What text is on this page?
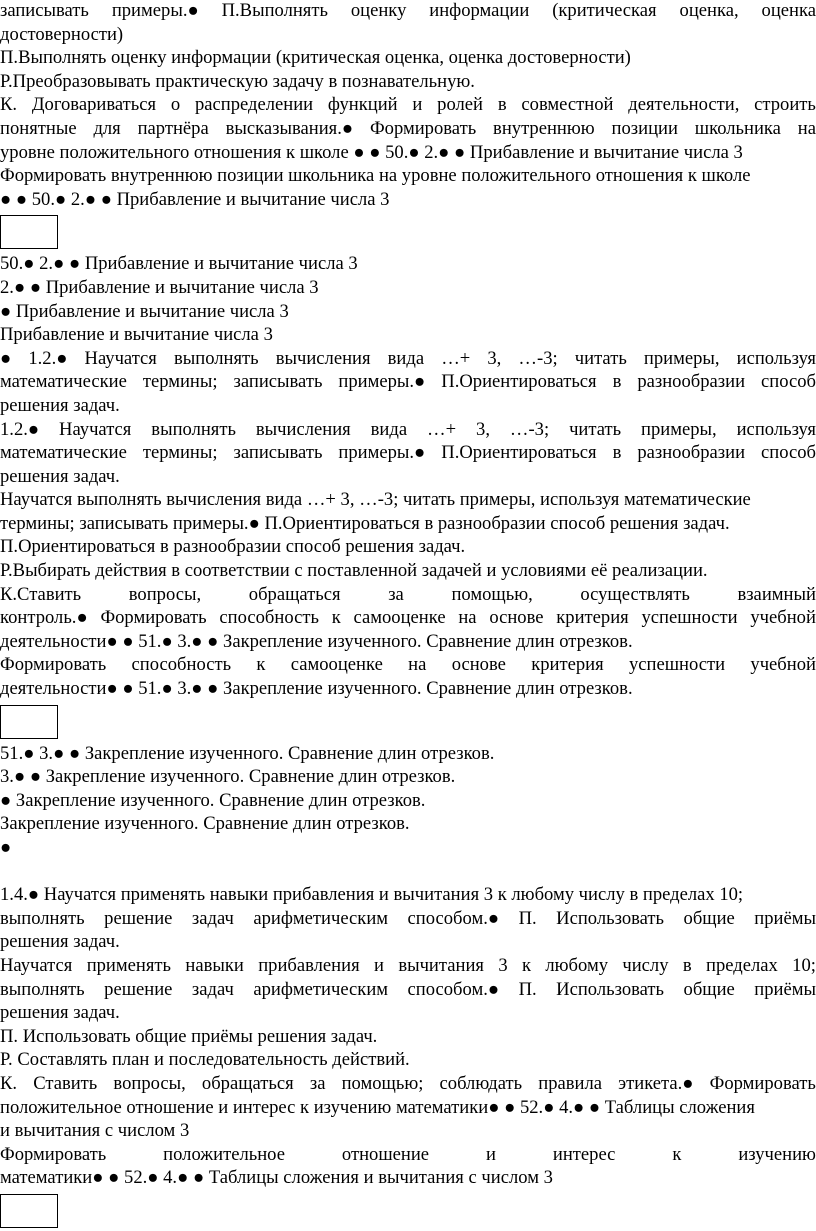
записывать примеры.● П.Выполнять оценку информации (критическая оценка, оценка
достоверности)
П.Выполнять оценку информации (критическая оценка, оценка достоверности)
Р.Преобразовывать практическую задачу в познавательную.
К. Договариваться о распределении функций и ролей в совместной деятельности, строить
понятные для партнёра высказывания.● Формировать внутреннюю позиции школьника на
уровне положительного отношения к школе ● ● 50.● 2.● ● Прибавление и вычитание числа 3
Формировать внутреннюю позиции школьника на уровне положительного отношения к школе
● ● 50.● 2.● ● Прибавление и вычитание числа 3
50.● 2.● ● Прибавление и вычитание числа 3
2.● ● Прибавление и вычитание числа 3
● Прибавление и вычитание числа 3
Прибавление и вычитание числа 3
● 1.2.● Научатся выполнять вычисления вида …+ 3, …-3; читать примеры, используя
математические термины; записывать примеры.● П.Ориентироваться в разнообразии способ
решения задач.
1.2.● Научатся выполнять вычисления вида …+ 3, …-3; читать примеры, используя
математические термины; записывать примеры.● П.Ориентироваться в разнообразии способ
решения задач.
Научатся выполнять вычисления вида …+ 3, …-3; читать примеры, используя математические
термины; записывать примеры.● П.Ориентироваться в разнообразии способ решения задач.
П.Ориентироваться в разнообразии способ решения задач.
Р.Выбирать действия в соответствии с поставленной задачей и условиями её реализации.
К.Ставить	вопросы,	обращаться	за	помощью,	осуществлять	взаимный
контроль.● Формировать способность к самооценке на основе критерия успешности учебной
деятельности● ● 51.● 3.● ● Закрепление изученного. Сравнение длин отрезков.
Формировать способность к самооценке на основе критерия успешности учебной
деятельности● ● 51.● 3.● ● Закрепление изученного. Сравнение длин отрезков.
51.● 3.● ● Закрепление изученного. Сравнение длин отрезков.
3.● ● Закрепление изученного. Сравнение длин отрезков.
● Закрепление изученного. Сравнение длин отрезков.
Закрепление изученного. Сравнение длин отрезков.
●
1.4.● Научатся применять навыки прибавления и вычитания 3 к любому числу в пределах 10;
выполнять решение задач арифметическим способом.● П. Использовать общие приёмы
решения задач.
Научатся применять навыки прибавления и вычитания 3 к любому числу в пределах 10;
выполнять решение задач арифметическим способом.● П. Использовать общие приёмы
решения задач.
П. Использовать общие приёмы решения задач.
Р. Составлять план и последовательность действий.
К. Ставить вопросы, обращаться за помощью; соблюдать правила этикета.● Формировать
положительное отношение и интерес к изучению математики● ● 52.● 4.● ● Таблицы сложения
и вычитания с числом 3
Формировать	положительное	отношение	и	интерес	к	изучению
математики● ● 52.● 4.● ● Таблицы сложения и вычитания с числом 3
